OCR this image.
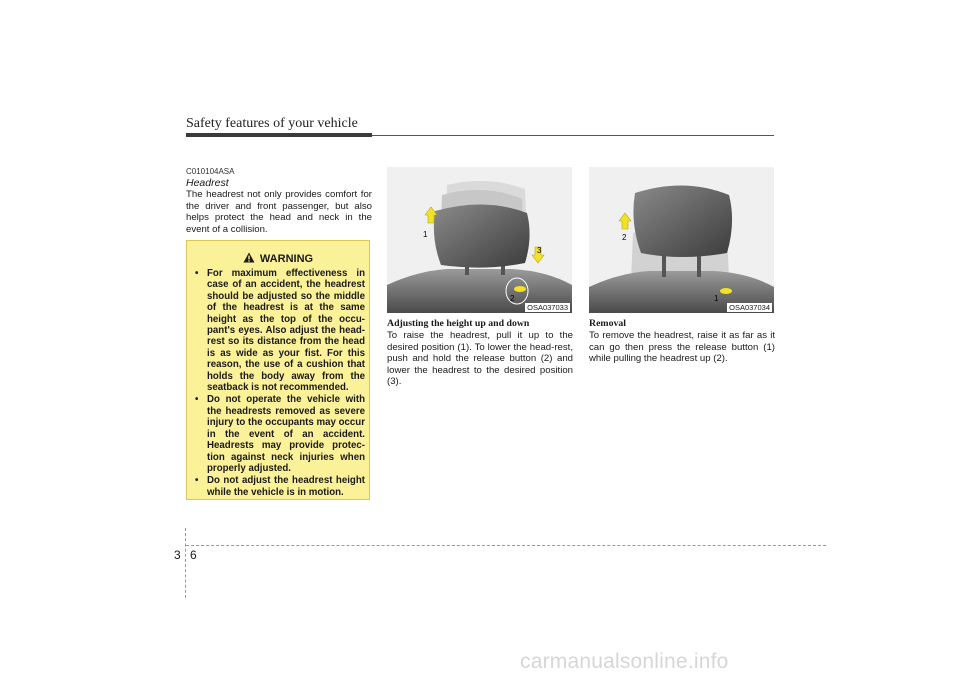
Safety features of your vehicle
C010104ASA
Headrest
The headrest not only provides comfort for the driver and front passenger, but also helps protect the head and neck in the event of a collision.
WARNING
• For maximum effectiveness in case of an accident, the headrest should be adjusted so the middle of the headrest is at the same height as the top of the occu-pant's eyes. Also adjust the head-rest so its distance from the head is as wide as your fist. For this reason, the use of a cushion that holds the body away from the seatback is not recommended.
• Do not operate the vehicle with the headrests removed as severe injury to the occupants may occur in the event of an accident. Headrests may provide protec-tion against neck injuries when properly adjusted.
• Do not adjust the headrest height while the vehicle is in motion.
1
2
3
OSA037033
2
1
OSA037034
Adjusting the height up and down
To raise the headrest, pull it up to the desired position (1). To lower the head-rest, push and hold the release button (2) and lower the headrest to the desired position (3).
Removal
To remove the headrest, raise it as far as it can go then press the release button (1) while pulling the headrest up (2).
3 6
carmanualsonline.info
